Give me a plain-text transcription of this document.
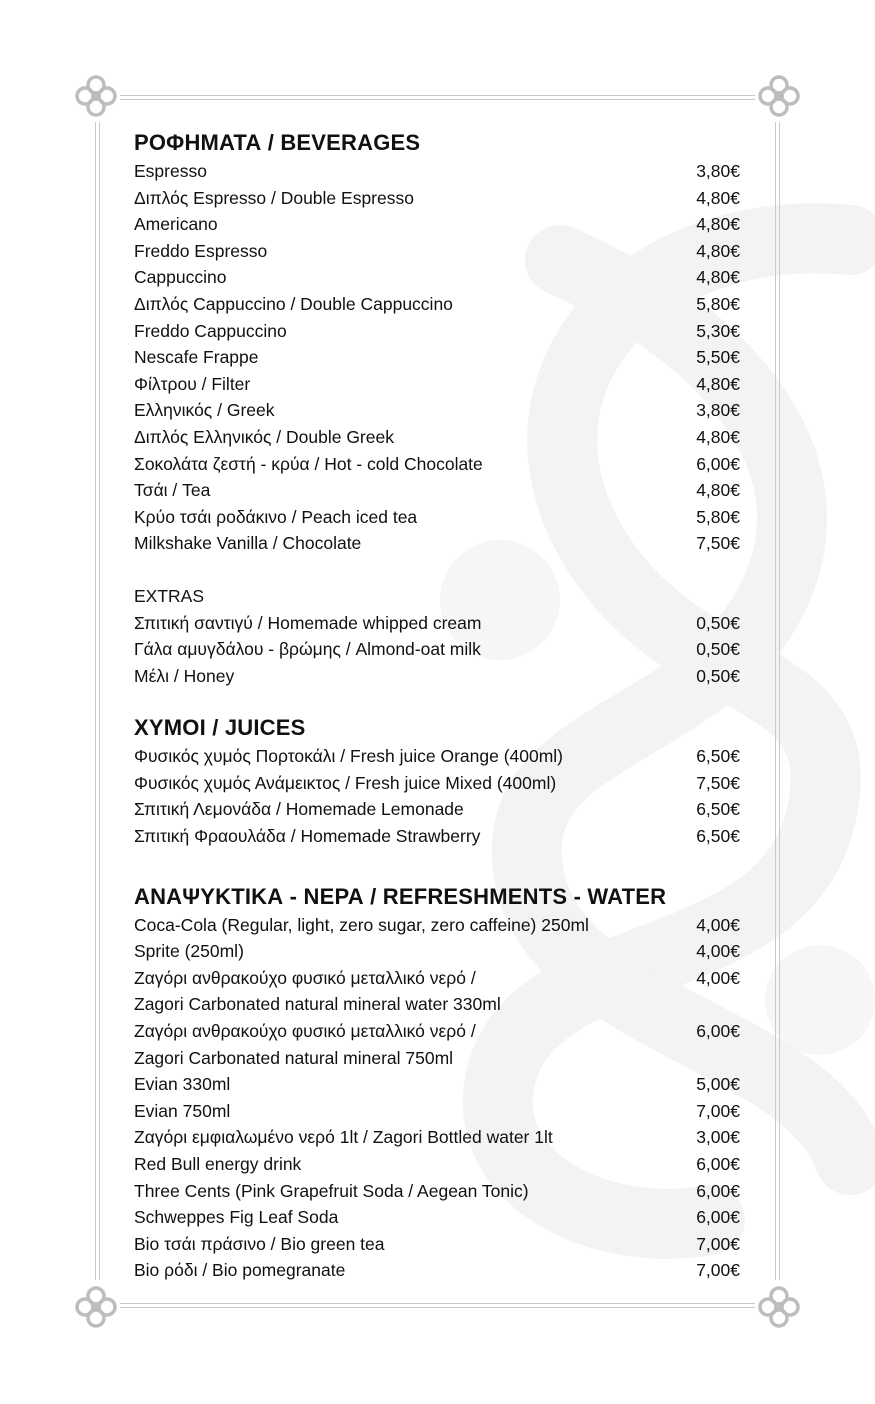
ΡΟΦΗΜΑΤΑ / BEVERAGES
Espresso	3,80€
Διπλός Espresso / Double Espresso	4,80€
Americano	4,80€
Freddo Espresso	4,80€
Cappuccino	4,80€
Διπλός Cappuccino / Double Cappuccino	5,80€
Freddo Cappuccino	5,30€
Nescafe Frappe	5,50€
Φίλτρου / Filter	4,80€
Ελληνικός / Greek	3,80€
Διπλός Ελληνικός / Double Greek	4,80€
Σοκολάτα ζεστή - κρύα / Hot - cold Chocolate	6,00€
Τσάι / Tea	4,80€
Κρύο τσάι ροδάκινο / Peach iced tea	5,80€
Milkshake Vanilla / Chocolate	7,50€
EXTRAS
Σπιτική σαντιγύ / Homemade whipped cream	0,50€
Γάλα αμυγδάλου - βρώμης / Almond-oat milk	0,50€
Μέλι / Honey	0,50€
ΧΥΜΟΙ / JUICES
Φυσικός χυμός Πορτοκάλι / Fresh juice Orange (400ml)	6,50€
Φυσικός χυμός Ανάμεικτος / Fresh juice Mixed (400ml)	7,50€
Σπιτική Λεμονάδα / Homemade Lemonade	6,50€
Σπιτική Φραουλάδα / Homemade Strawberry	6,50€
ΑΝΑΨΥΚΤΙΚΑ - ΝΕΡΑ / REFRESHMENTS - WATER
Coca-Cola (Regular, light, zero sugar, zero caffeine) 250ml	4,00€
Sprite (250ml)	4,00€
Ζαγόρι ανθρακούχο φυσικό μεταλλικό νερό /	4,00€
Zagori Carbonated natural mineral water 330ml
Ζαγόρι ανθρακούχο φυσικό μεταλλικό νερό /	6,00€
Zagori Carbonated natural mineral 750ml
Evian 330ml	5,00€
Evian 750ml	7,00€
Ζαγόρι εμφιαλωμένο νερό 1lt / Zagori Bottled water 1lt	3,00€
Red Bull energy drink	6,00€
Three Cents (Pink Grapefruit Soda / Aegean Tonic)	6,00€
Schweppes Fig Leaf Soda	6,00€
Bio τσάι πράσινο / Bio green tea	7,00€
Bio ρόδι / Bio pomegranate	7,00€
